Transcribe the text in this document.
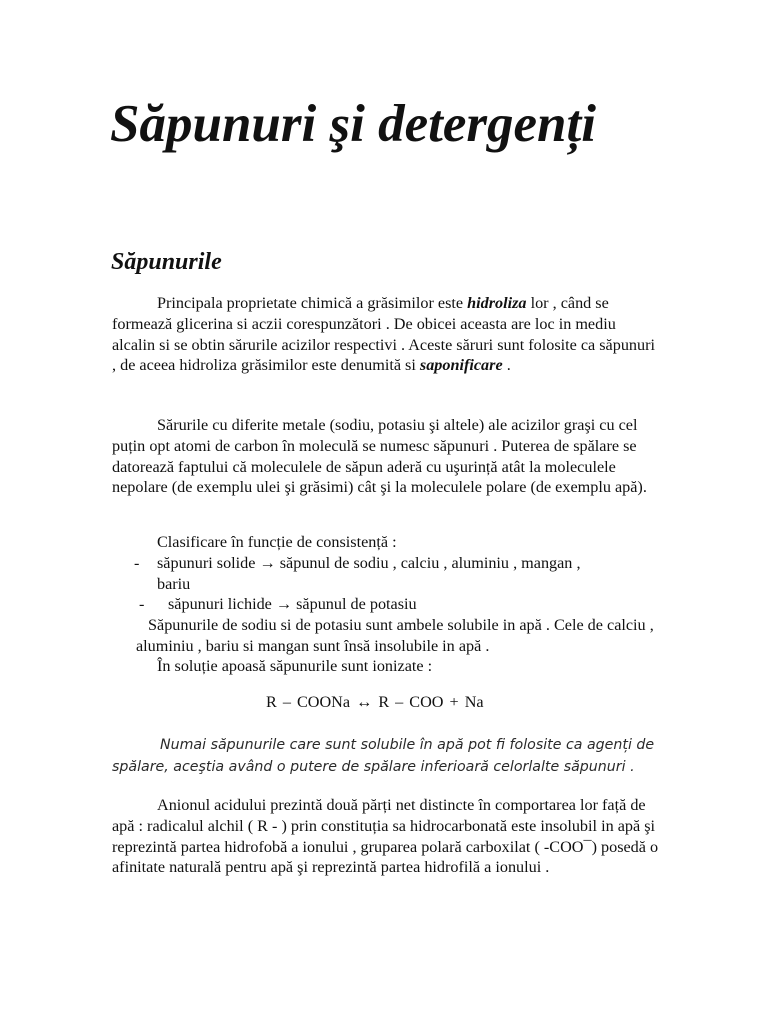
Săpunuri şi detergenți
Săpunurile

Principala proprietate chimică a grăsimilor este hidroliza lor , când se formează glicerina si aczii corespunzători . De obicei aceasta are loc in mediu alcalin si se obtin sărurile acizilor respectivi . Aceste săruri sunt folosite ca săpunuri , de aceea hidroliza grăsimilor este denumită si saponificare .

Sărurile cu diferite metale (sodiu, potasiu şi altele) ale acizilor graşi cu cel puțin opt atomi de carbon în moleculă se numesc săpunuri . Puterea de spălare se datorează faptului că moleculele de săpun aderă cu uşurință atât la moleculele nepolare (de exemplu ulei şi grăsimi) cât şi la moleculele polare (de exemplu apă).

Clasificare în funcție de consistență :

- săpunuri solide → săpunul de sodiu , calciu , aluminiu , mangan ,

bariu

- săpunuri lichide → săpunul de potasiu

Săpunurile de sodiu si de potasiu sunt ambele solubile in apă . Cele de calciu , aluminiu , bariu si mangan sunt însă insolubile in apă .

În soluție apoasă săpunurile sunt ionizate :

R – COONa ↔ R – COO + Na

Numai săpunurile care sunt solubile în apă pot fi folosite ca agenți de spălare, aceştia având o putere de spălare inferioară celorlalte săpunuri .

Anionul acidului prezintă două părți net distincte în comportarea lor față de apă : radicalul alchil ( R - ) prin constituția sa hidrocarbonată este insolubil in apă şi reprezintă partea hidrofobă a ionului , gruparea polară carboxilat ( -COO¯) posedă o afinitate naturală pentru apă şi reprezintă partea hidrofilă a ionului .
